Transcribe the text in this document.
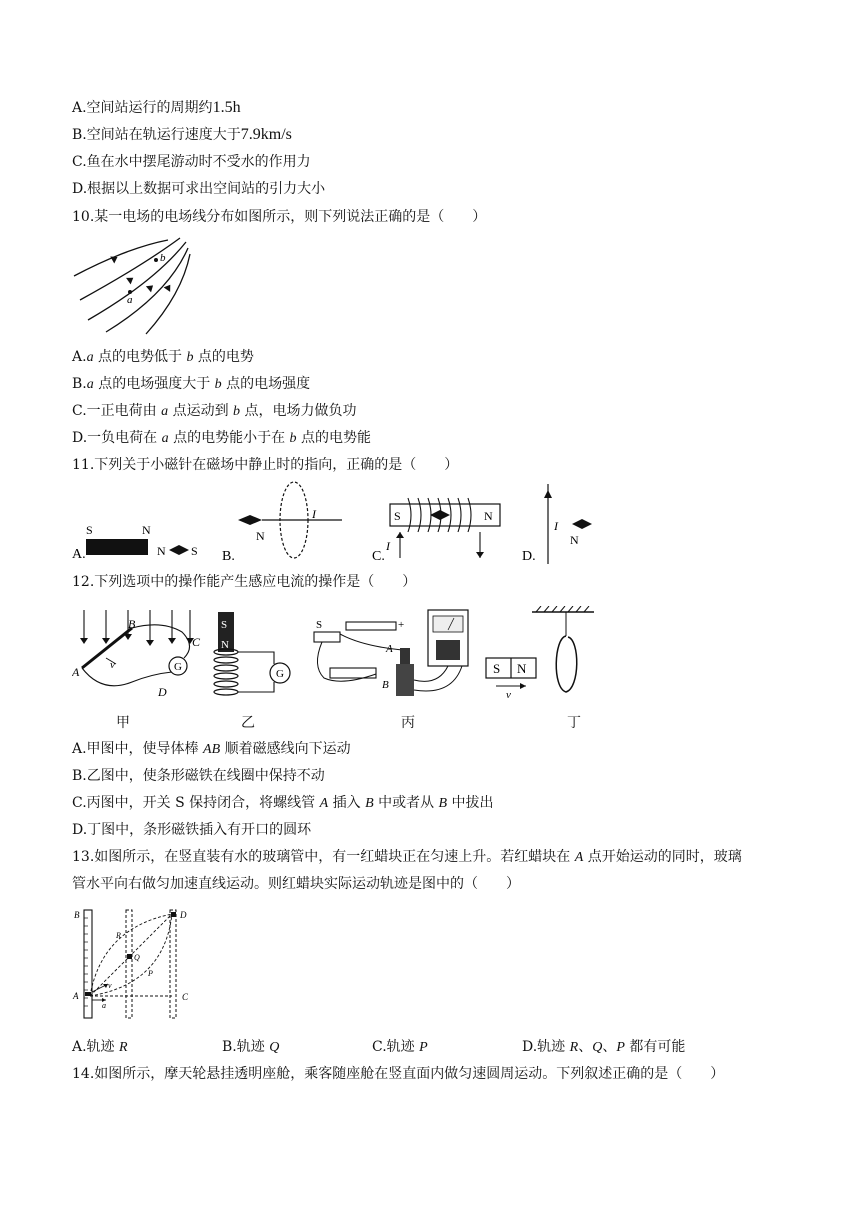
A.空间站运行的周期约1.5h
B.空间站在轨运行速度大于7.9km/s
C.鱼在水中摆尾游动时不受水的作用力
D.根据以上数据可求出空间站的引力大小
10.某一电场的电场线分布如图所示，则下列说法正确的是（　　）
b
a
A.a 点的电势低于 b 点的电势
B.a 点的电场强度大于 b 点的电场强度
C.一正电荷由 a 点运动到 b 点，电场力做负功
D.一负电荷在 a 点的电势能小于在 b 点的电势能
11.下列关于小磁针在磁场中静止时的指向，正确的是（　　）
A.
S	N
N S B.
N
I
C.
S	N
I
D.
I
N
12.下列选项中的操作能产生感应电流的操作是（　　）
G
v
A
B
C
D
S
N
G
S	+
A
B
S N
v
甲	乙	丙	丁
A.甲图中，使导体棒 AB 顺着磁感线向下运动
B.乙图中，使条形磁铁在线圈中保持不动
C.丙图中，开关 S 保持闭合，将螺线管 A 插入 B 中或者从 B 中拔出
D.丁图中，条形磁铁插入有开口的圆环
13.如图所示，在竖直装有水的玻璃管中，有一红蜡块正在匀速上升。若红蜡块在 A 点开始运动的同时，玻璃
管水平向右做匀加速直线运动。则红蜡块实际运动轨迹是图中的（　　）
B
A
D
C
R
Q
P
v
a
A.轨迹 R	B.轨迹 Q	C.轨迹 P	D.轨迹 R、Q、P 都有可能
14.如图所示，摩天轮悬挂透明座舱，乘客随座舱在竖直面内做匀速圆周运动。下列叙述正确的是（　　）
